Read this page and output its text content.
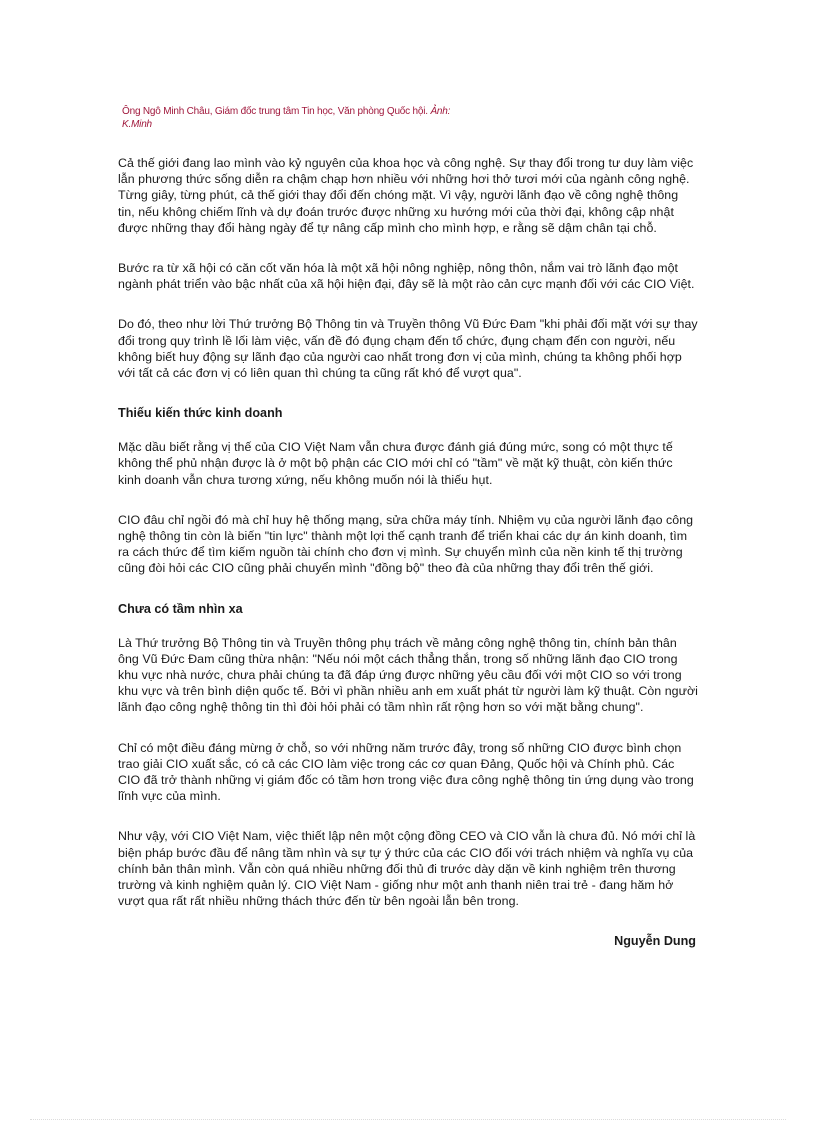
Ông Ngô Minh Châu, Giám đốc trung tâm Tin học, Văn phòng Quốc hội. Ảnh:
K.Minh

Cả thế giới đang lao mình vào kỷ nguyên của khoa học và công nghệ. Sự thay đổi trong tư duy làm việc lẫn phương thức sống diễn ra chậm chạp hơn nhiều với những hơi thở tươi mới của ngành công nghệ. Từng giây, từng phút, cả thế giới thay đổi đến chóng mặt. Vì vậy, người lãnh đạo về công nghệ thông tin, nếu không chiếm lĩnh và dự đoán trước được những xu hướng mới của thời đại, không cập nhật được những thay đổi hàng ngày để tự nâng cấp mình cho mình hợp, e rằng sẽ dậm chân tại chỗ.

Bước ra từ xã hội có căn cốt văn hóa là một xã hội nông nghiệp, nông thôn, nắm vai trò lãnh đạo một ngành phát triển vào bậc nhất của xã hội hiện đại, đây sẽ là một rào cản cực mạnh đối với các CIO Việt.

Do đó, theo như lời Thứ trưởng Bộ Thông tin và Truyền thông Vũ Đức Đam "khi phải đối mặt với sự thay đổi trong quy trình lề lối làm việc, vấn đề đó đụng chạm đến tổ chức, đụng chạm đến con người, nếu không biết huy động sự lãnh đạo của người cao nhất trong đơn vị của mình, chúng ta không phối hợp với tất cả các đơn vị có liên quan thì chúng ta cũng rất khó để vượt qua".

Thiếu kiến thức kinh doanh

Mặc dầu biết rằng vị thế của CIO Việt Nam vẫn chưa được đánh giá đúng mức, song có một thực tế không thể phủ nhận được là ở một bộ phận các CIO mới chỉ có "tầm" về mặt kỹ thuật, còn kiến thức kinh doanh vẫn chưa tương xứng, nếu không muốn nói là thiếu hụt.

CIO đâu chỉ ngồi đó mà chỉ huy hệ thống mạng, sửa chữa máy tính. Nhiệm vụ của người lãnh đạo công nghệ thông tin còn là biến "tin lực" thành một lợi thế cạnh tranh để triển khai các dự án kinh doanh, tìm ra cách thức để tìm kiếm nguồn tài chính cho đơn vị mình. Sự chuyển mình của nền kinh tế thị trường cũng đòi hỏi các CIO cũng phải chuyển mình "đồng bộ" theo đà của những thay đổi trên thế giới.

Chưa có tầm nhìn xa

Là Thứ trưởng Bộ Thông tin và Truyền thông phụ trách về mảng công nghệ thông tin, chính bản thân ông Vũ Đức Đam cũng thừa nhận: "Nếu nói một cách thẳng thắn, trong số những lãnh đạo CIO trong khu vực nhà nước, chưa phải chúng ta đã đáp ứng được những yêu cầu đối với một CIO so với trong khu vực và trên bình diện quốc tế. Bởi vì phần nhiều anh em xuất phát từ người làm kỹ thuật. Còn người lãnh đạo công nghệ thông tin thì đòi hỏi phải có tầm nhìn rất rộng hơn so với mặt bằng chung".

Chỉ có một điều đáng mừng ở chỗ, so với những năm trước đây, trong số những CIO được bình chọn trao giải CIO xuất sắc, có cả các CIO làm việc trong các cơ quan Đảng, Quốc hội và Chính phủ. Các CIO đã trở thành những vị giám đốc có tầm hơn trong việc đưa công nghệ thông tin ứng dụng vào trong lĩnh vực của mình.

Như vậy, với CIO Việt Nam, việc thiết lập nên một cộng đồng CEO và CIO vẫn là chưa đủ. Nó mới chỉ là biện pháp bước đầu để nâng tầm nhìn và sự tự ý thức của các CIO đối với trách nhiệm và nghĩa vụ của chính bản thân mình. Vẫn còn quá nhiều những đối thủ đi trước dày dặn về kinh nghiệm trên thương trường và kinh nghiệm quản lý. CIO Việt Nam - giống như một anh thanh niên trai trẻ - đang hăm hở vượt qua rất rất nhiều những thách thức đến từ bên ngoài lẫn bên trong.

Nguyễn Dung
